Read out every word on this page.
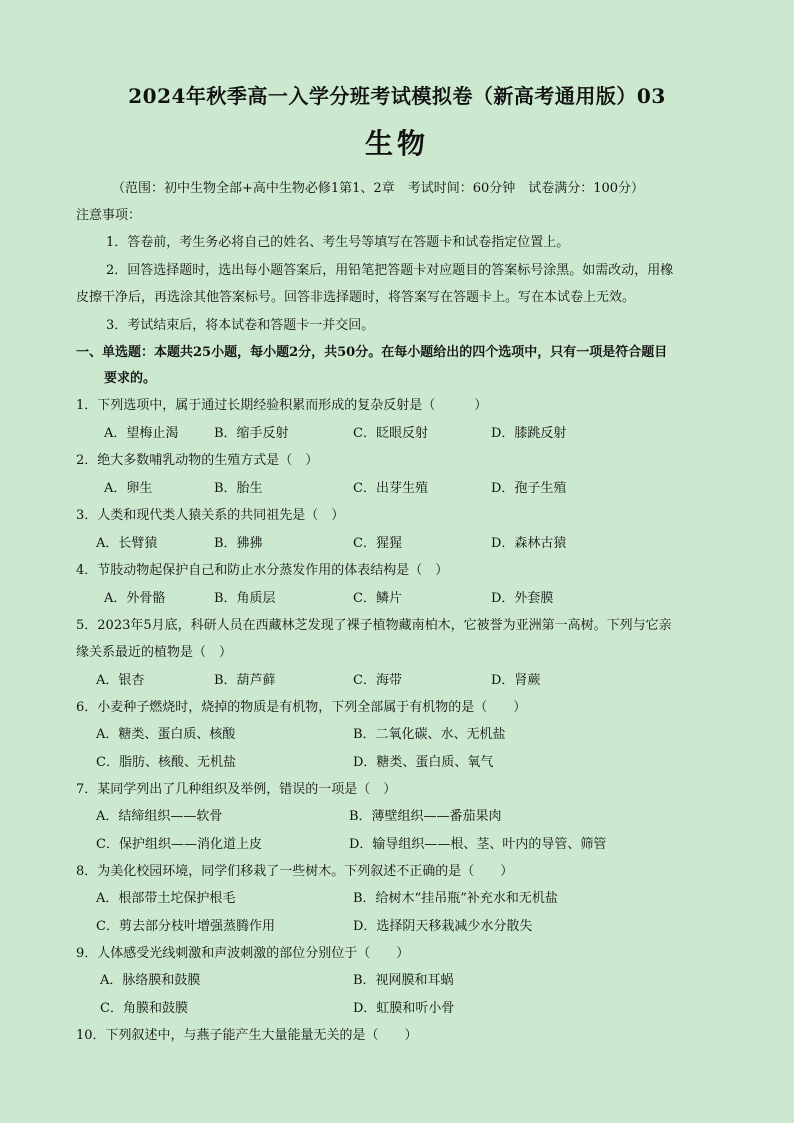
2024年秋季高一入学分班考试模拟卷（新高考通用版）03
生物
（范围：初中生物全部+高中生物必修1第1、2章　考试时间：60分钟　试卷满分：100分）
注意事项：
1．答卷前，考生务必将自己的姓名、考生号等填写在答题卡和试卷指定位置上。
2．回答选择题时，选出每小题答案后，用铅笔把答题卡对应题目的答案标号涂黑。如需改动，用橡
皮擦干净后，再选涂其他答案标号。回答非选择题时，将答案写在答题卡上。写在本试卷上无效。
3．考试结束后，将本试卷和答题卡一并交回。
一、单选题：本题共25小题，每小题2分，共50分。在每小题给出的四个选项中，只有一项是符合题目
要求的。
1．下列选项中，属于通过长期经验积累而形成的复杂反射是（　　　）
A．望梅止渴	B．缩手反射	C．眨眼反射	D．膝跳反射
2．绝大多数哺乳动物的生殖方式是（　）
A．卵生	B．胎生	C．出芽生殖	D．孢子生殖
3．人类和现代类人猿关系的共同祖先是（　）
A．长臂猿	B．狒狒	C．猩猩	D．森林古猿
4．节肢动物起保护自己和防止水分蒸发作用的体表结构是（　）
A．外骨骼	B．角质层	C．鳞片	D．外套膜
5．2023年5月底，科研人员在西藏林芝发现了裸子植物藏南柏木，它被誉为亚洲第一高树。下列与它亲
缘关系最近的植物是（　）
A．银杏	B．葫芦藓	C．海带	D．肾蕨
6．小麦种子燃烧时，烧掉的物质是有机物，下列全部属于有机物的是（　　）
A．糖类、蛋白质、核酸	B．二氧化碳、水、无机盐
C．脂肪、核酸、无机盐	D．糖类、蛋白质、氧气
7．某同学列出了几种组织及举例，错误的一项是（　）
A．结缔组织——软骨	B．薄壁组织——番茄果肉
C．保护组织——消化道上皮	D．输导组织——根、茎、叶内的导管、筛管
8．为美化校园环境，同学们移栽了一些树木。下列叙述不正确的是（　　）
A．根部带土坨保护根毛	B．给树木“挂吊瓶”补充水和无机盐
C．剪去部分枝叶增强蒸腾作用	D．选择阴天移栽减少水分散失
9．人体感受光线刺激和声波刺激的部位分别位于（　　）
A．脉络膜和鼓膜	B．视网膜和耳蜗
C．角膜和鼓膜	D．虹膜和听小骨
10．下列叙述中，与燕子能产生大量能量无关的是（　　）
